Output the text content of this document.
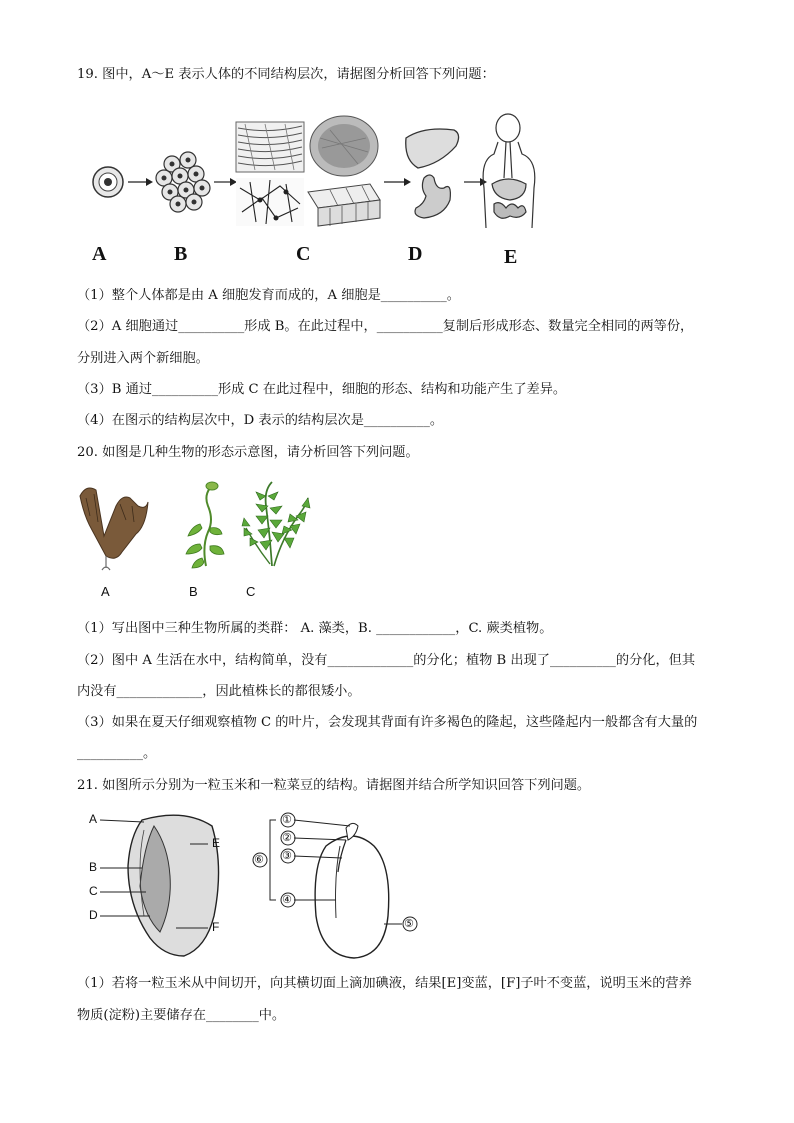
19. 图中，A～E 表示人体的不同结构层次，请据图分析回答下列问题：
A	B	C	D	E
（1）整个人体都是由 A 细胞发育而成的，A 细胞是__________。
（2）A 细胞通过__________形成 B。在此过程中，__________复制后形成形态、数量完全相同的两等份，
分别进入两个新细胞。
（3）B 通过__________形成 C 在此过程中，细胞的形态、结构和功能产生了差异。
（4）在图示的结构层次中，D 表示的结构层次是__________。
20. 如图是几种生物的形态示意图，请分析回答下列问题。
A	B	C
（1）写出图中三种生物所属的类群： A. 藻类，B. ____________，C. 蕨类植物。
（2）图中 A 生活在水中，结构简单，没有_____________的分化；植物 B 出现了__________的分化，但其
内没有_____________，因此植株长的都很矮小。
（3）如果在夏天仔细观察植物 C 的叶片，会发现其背面有许多褐色的隆起，这些隆起内一般都含有大量的
__________。
21. 如图所示分别为一粒玉米和一粒菜豆的结构。请据图并结合所学知识回答下列问题。
A
B
C
D
E
F
①
②
③
④
⑤
⑥
（1）若将一粒玉米从中间切开，向其横切面上滴加碘液，结果[E]变蓝，[F]子叶不变蓝，说明玉米的营养
物质(淀粉)主要储存在________中。
